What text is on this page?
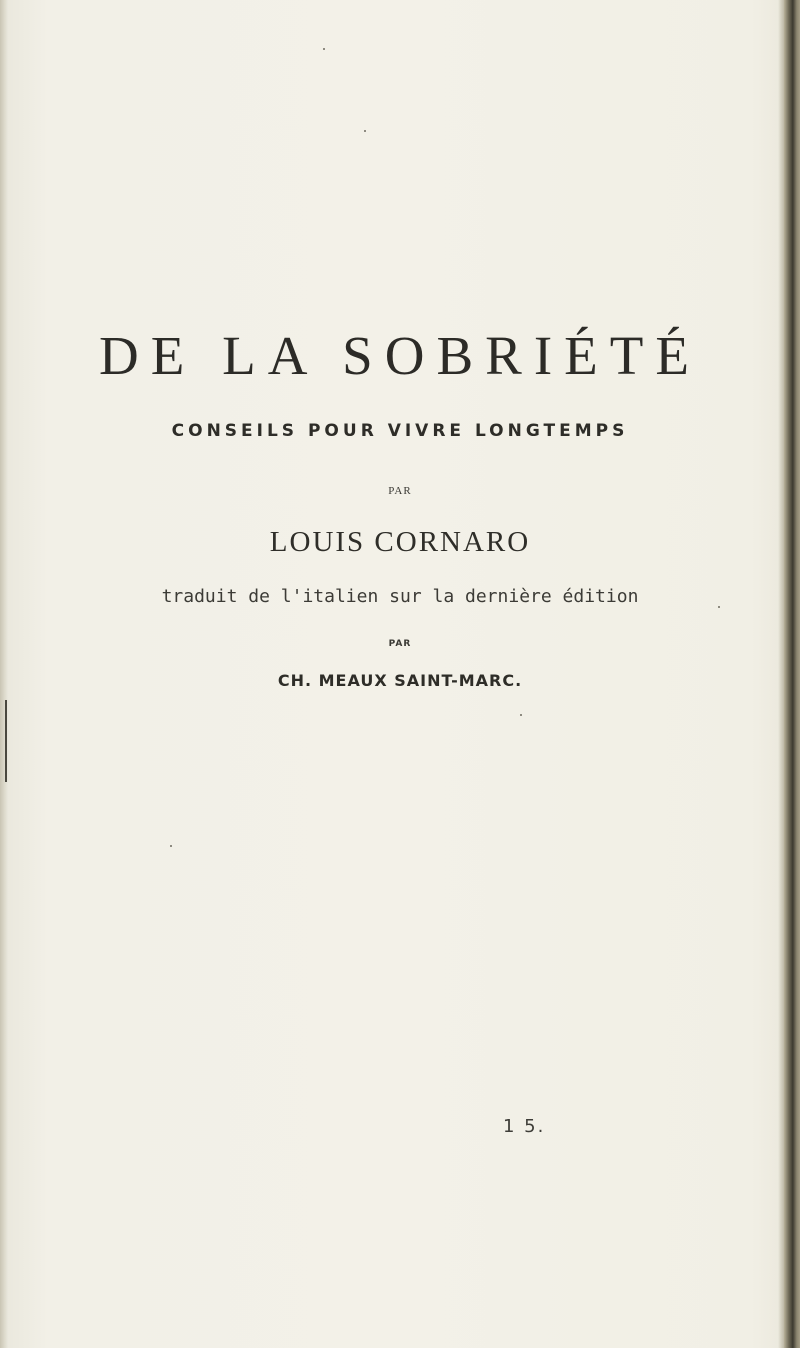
DE LA SOBRIÉTÉ
CONSEILS POUR VIVRE LONGTEMPS
PAR
LOUIS CORNARO
traduit de l'italien sur la dernière édition
PAR
CH. MEAUX SAINT-MARC.
1 5.
